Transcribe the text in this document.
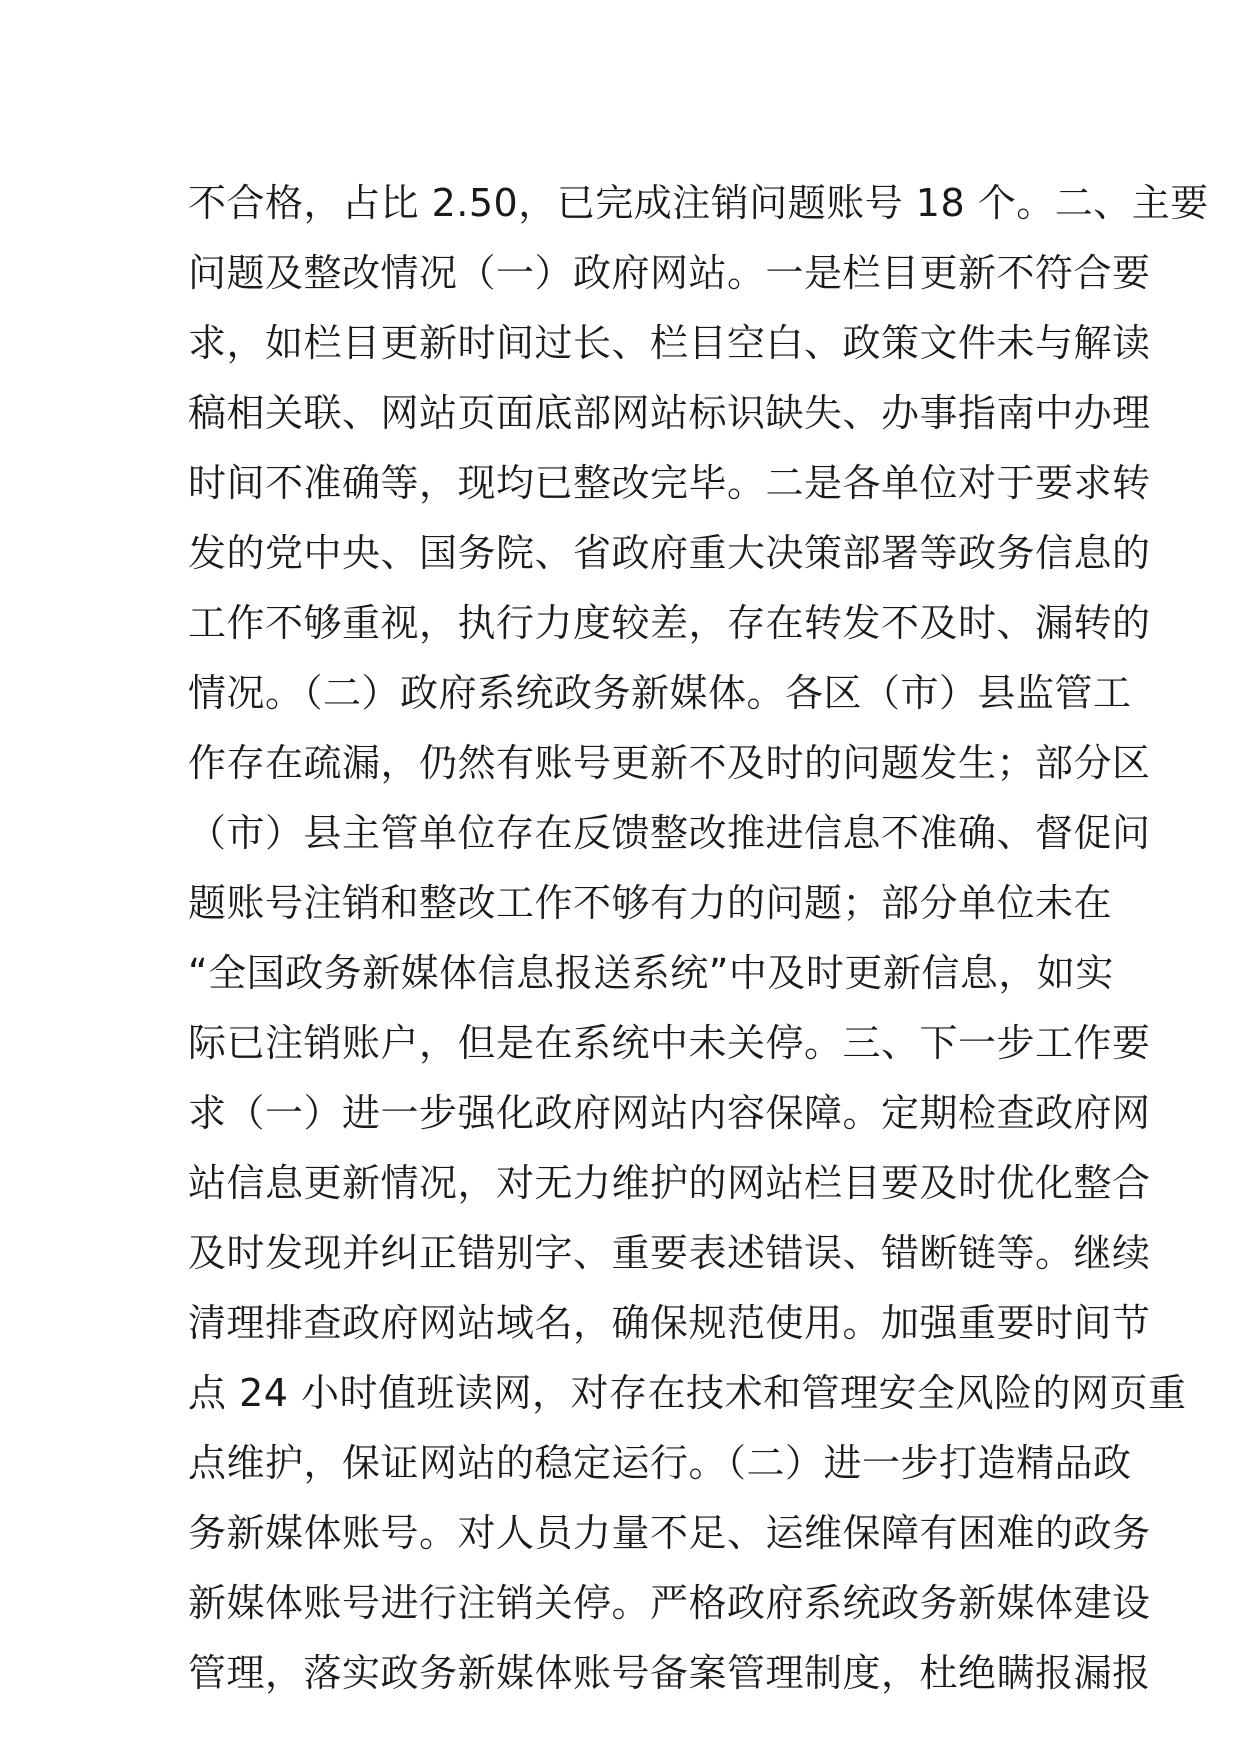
不合格，占比 2.50，已完成注销问题账号 18 个。二、主要
问题及整改情况（一）政府网站。一是栏目更新不符合要
求，如栏目更新时间过长、栏目空白、政策文件未与解读
稿相关联、网站页面底部网站标识缺失、办事指南中办理
时间不准确等，现均已整改完毕。二是各单位对于要求转
发的党中央、国务院、省政府重大决策部署等政务信息的
工作不够重视，执行力度较差，存在转发不及时、漏转的
情况。（二）政府系统政务新媒体。各区（市）县监管工
作存在疏漏，仍然有账号更新不及时的问题发生；部分区
（市）县主管单位存在反馈整改推进信息不准确、督促问
题账号注销和整改工作不够有力的问题；部分单位未在
“全国政务新媒体信息报送系统”中及时更新信息，如实
际已注销账户，但是在系统中未关停。三、下一步工作要
求（一）进一步强化政府网站内容保障。定期检查政府网
站信息更新情况，对无力维护的网站栏目要及时优化整合
及时发现并纠正错别字、重要表述错误、错断链等。继续
清理排查政府网站域名，确保规范使用。加强重要时间节
点 24 小时值班读网，对存在技术和管理安全风险的网页重
点维护，保证网站的稳定运行。（二）进一步打造精品政
务新媒体账号。对人员力量不足、运维保障有困难的政务
新媒体账号进行注销关停。严格政府系统政务新媒体建设
管理，落实政务新媒体账号备案管理制度，杜绝瞒报漏报
